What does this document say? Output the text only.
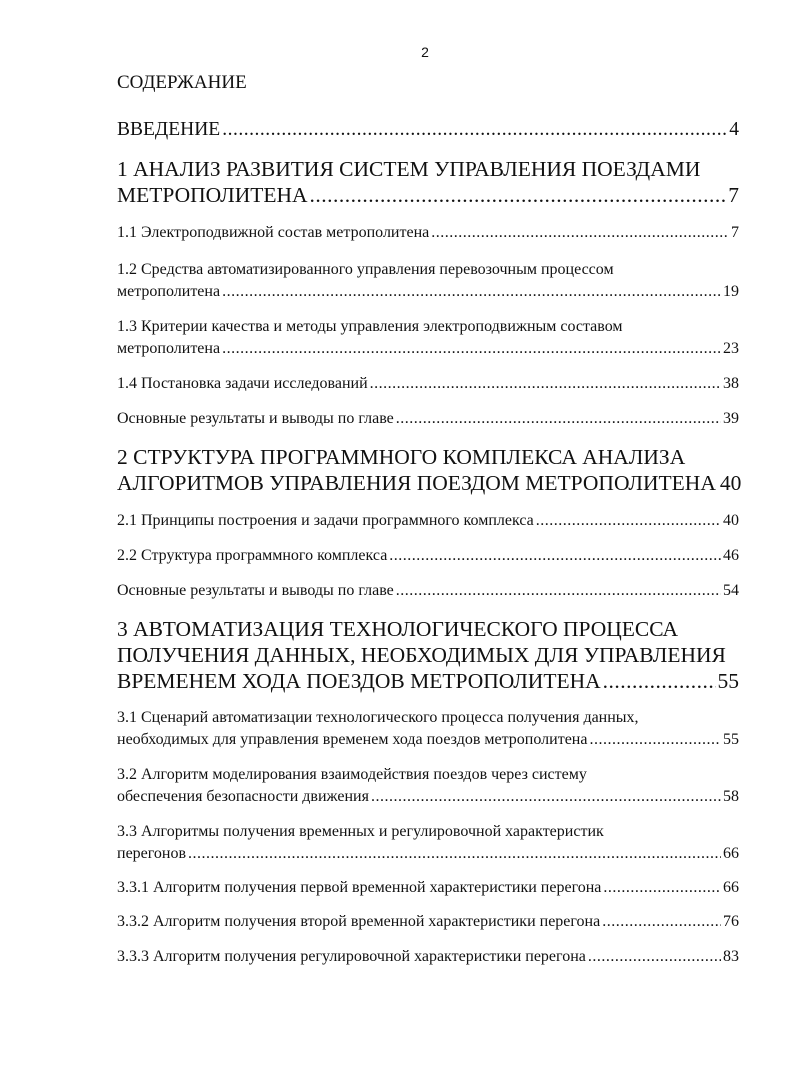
2
СОДЕРЖАНИЕ
ВВЕДЕНИЕ .....	4
1 АНАЛИЗ РАЗВИТИЯ СИСТЕМ УПРАВЛЕНИЯ ПОЕЗДАМИ
МЕТРОПОЛИТЕНА .....	7
1.1 Электроподвижной состав метрополитена .....	7
1.2 Средства автоматизированного управления перевозочным процессом
метрополитена .....	19
1.3 Критерии качества и методы управления электроподвижным составом
метрополитена .....	23
1.4 Постановка задачи исследований .....	38
Основные результаты и выводы по главе .....	39
2 СТРУКТУРА ПРОГРАММНОГО КОМПЛЕКСА АНАЛИЗА
АЛГОРИТМОВ УПРАВЛЕНИЯ ПОЕЗДОМ МЕТРОПОЛИТЕНА 40
2.1 Принципы построения и задачи программного комплекса .....	40
2.2 Структура программного комплекса .....	46
Основные результаты и выводы по главе .....	54
3 АВТОМАТИЗАЦИЯ ТЕХНОЛОГИЧЕСКОГО ПРОЦЕССА
ПОЛУЧЕНИЯ ДАННЫХ, НЕОБХОДИМЫХ ДЛЯ УПРАВЛЕНИЯ
ВРЕМЕНЕМ ХОДА ПОЕЗДОВ МЕТРОПОЛИТЕНА .....	55
3.1 Сценарий автоматизации технологического процесса получения данных,
необходимых для управления временем хода поездов метрополитена .....	55
3.2 Алгоритм моделирования взаимодействия поездов через систему
обеспечения безопасности движения .....	58
3.3 Алгоритмы получения временных и регулировочной характеристик
перегонов .....	66
3.3.1 Алгоритм получения первой временной характеристики перегона .....	66
3.3.2 Алгоритм получения второй временной характеристики перегона .....	76
3.3.3 Алгоритм получения регулировочной характеристики перегона .....	83
